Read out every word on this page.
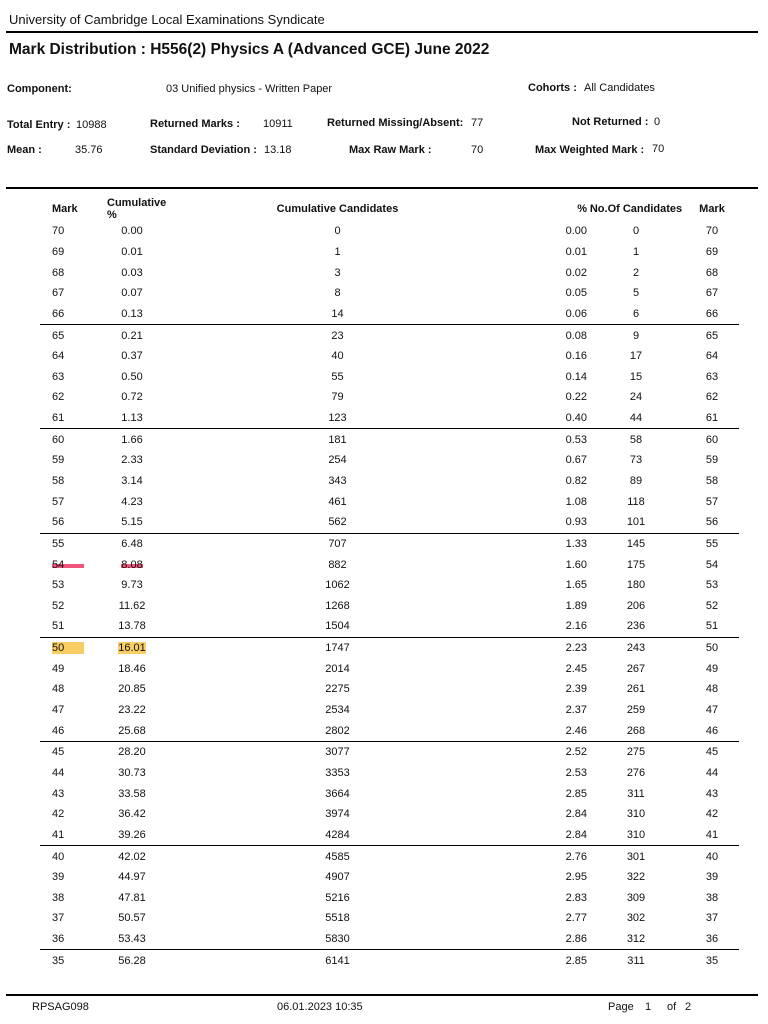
University of Cambridge Local Examinations Syndicate
Mark Distribution : H556(2) Physics A (Advanced GCE) June 2022
Component:	03 Unified physics - Written Paper	Cohorts : All Candidates
Total Entry : 10988	Returned Marks : 10911	Returned Missing/Absent: 77	Not Returned : 0
Mean :	35.76	Standard Deviation : 13.18	Max Raw Mark :	70	Max Weighted Mark : 70
Mark	Cumulative %	Cumulative Candidates	%	No.Of Candidates	Mark
70	0.00	0	0.00	0	70
69	0.01	1	0.01	1	69
68	0.03	3	0.02	2	68
67	0.07	8	0.05	5	67
66	0.13	14	0.06	6	66
65	0.21	23	0.08	9	65
64	0.37	40	0.16	17	64
63	0.50	55	0.14	15	63
62	0.72	79	0.22	24	62
61	1.13	123	0.40	44	61
60	1.66	181	0.53	58	60
59	2.33	254	0.67	73	59
58	3.14	343	0.82	89	58
57	4.23	461	1.08	118	57
56	5.15	562	0.93	101	56
55	6.48	707	1.33	145	55
54	8.08	882	1.60	175	54
53	9.73	1062	1.65	180	53
52	11.62	1268	1.89	206	52
51	13.78	1504	2.16	236	51
50	16.01	1747	2.23	243	50
49	18.46	2014	2.45	267	49
48	20.85	2275	2.39	261	48
47	23.22	2534	2.37	259	47
46	25.68	2802	2.46	268	46
45	28.20	3077	2.52	275	45
44	30.73	3353	2.53	276	44
43	33.58	3664	2.85	311	43
42	36.42	3974	2.84	310	42
41	39.26	4284	2.84	310	41
40	42.02	4585	2.76	301	40
39	44.97	4907	2.95	322	39
38	47.81	5216	2.83	309	38
37	50.57	5518	2.77	302	37
36	53.43	5830	2.86	312	36
35	56.28	6141	2.85	311	35
RPSAG098	06.01.2023 10:35	Page 1 of 2
